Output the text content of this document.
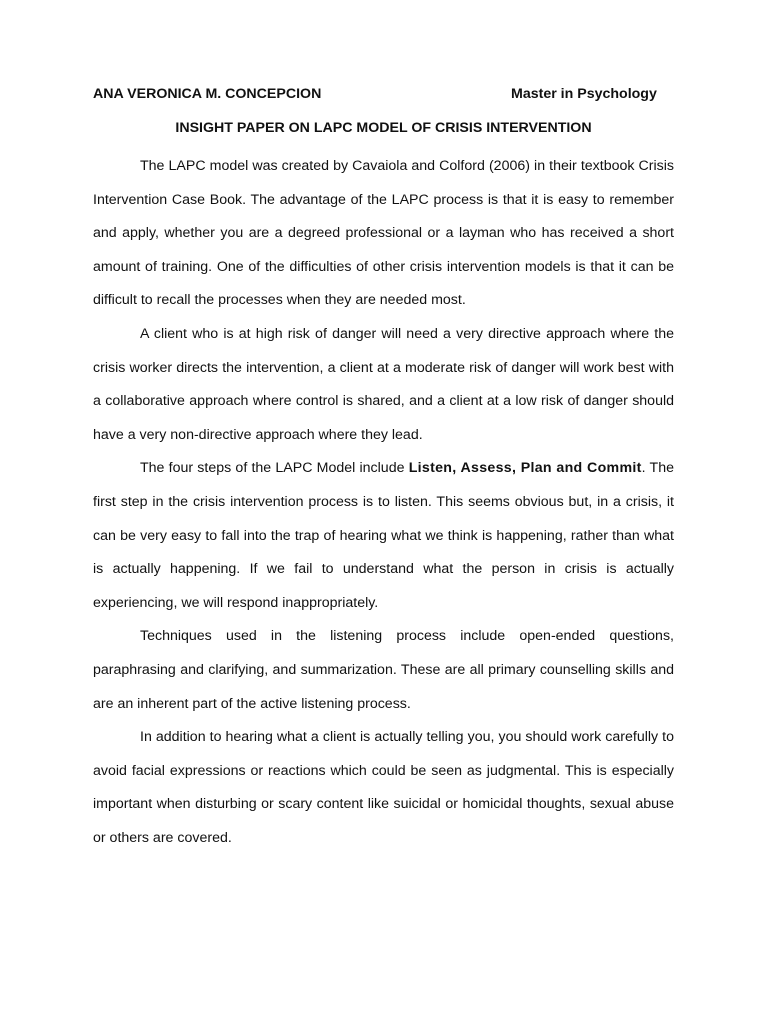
ANA VERONICA M. CONCEPCION	Master in Psychology
INSIGHT PAPER ON LAPC MODEL OF CRISIS INTERVENTION

The LAPC model was created by Cavaiola and Colford (2006) in their textbook Crisis Intervention Case Book. The advantage of the LAPC process is that it is easy to remember and apply, whether you are a degreed professional or a layman who has received a short amount of training. One of the difficulties of other crisis intervention models is that it can be difficult to recall the processes when they are needed most.

A client who is at high risk of danger will need a very directive approach where the crisis worker directs the intervention, a client at a moderate risk of danger will work best with a collaborative approach where control is shared, and a client at a low risk of danger should have a very non-directive approach where they lead.

The four steps of the LAPC Model include Listen, Assess, Plan and Commit. The first step in the crisis intervention process is to listen. This seems obvious but, in a crisis, it can be very easy to fall into the trap of hearing what we think is happening, rather than what is actually happening. If we fail to understand what the person in crisis is actually experiencing, we will respond inappropriately.

Techniques used in the listening process include open-ended questions, paraphrasing and clarifying, and summarization. These are all primary counselling skills and are an inherent part of the active listening process.

In addition to hearing what a client is actually telling you, you should work carefully to avoid facial expressions or reactions which could be seen as judgmental. This is especially important when disturbing or scary content like suicidal or homicidal thoughts, sexual abuse or others are covered.
